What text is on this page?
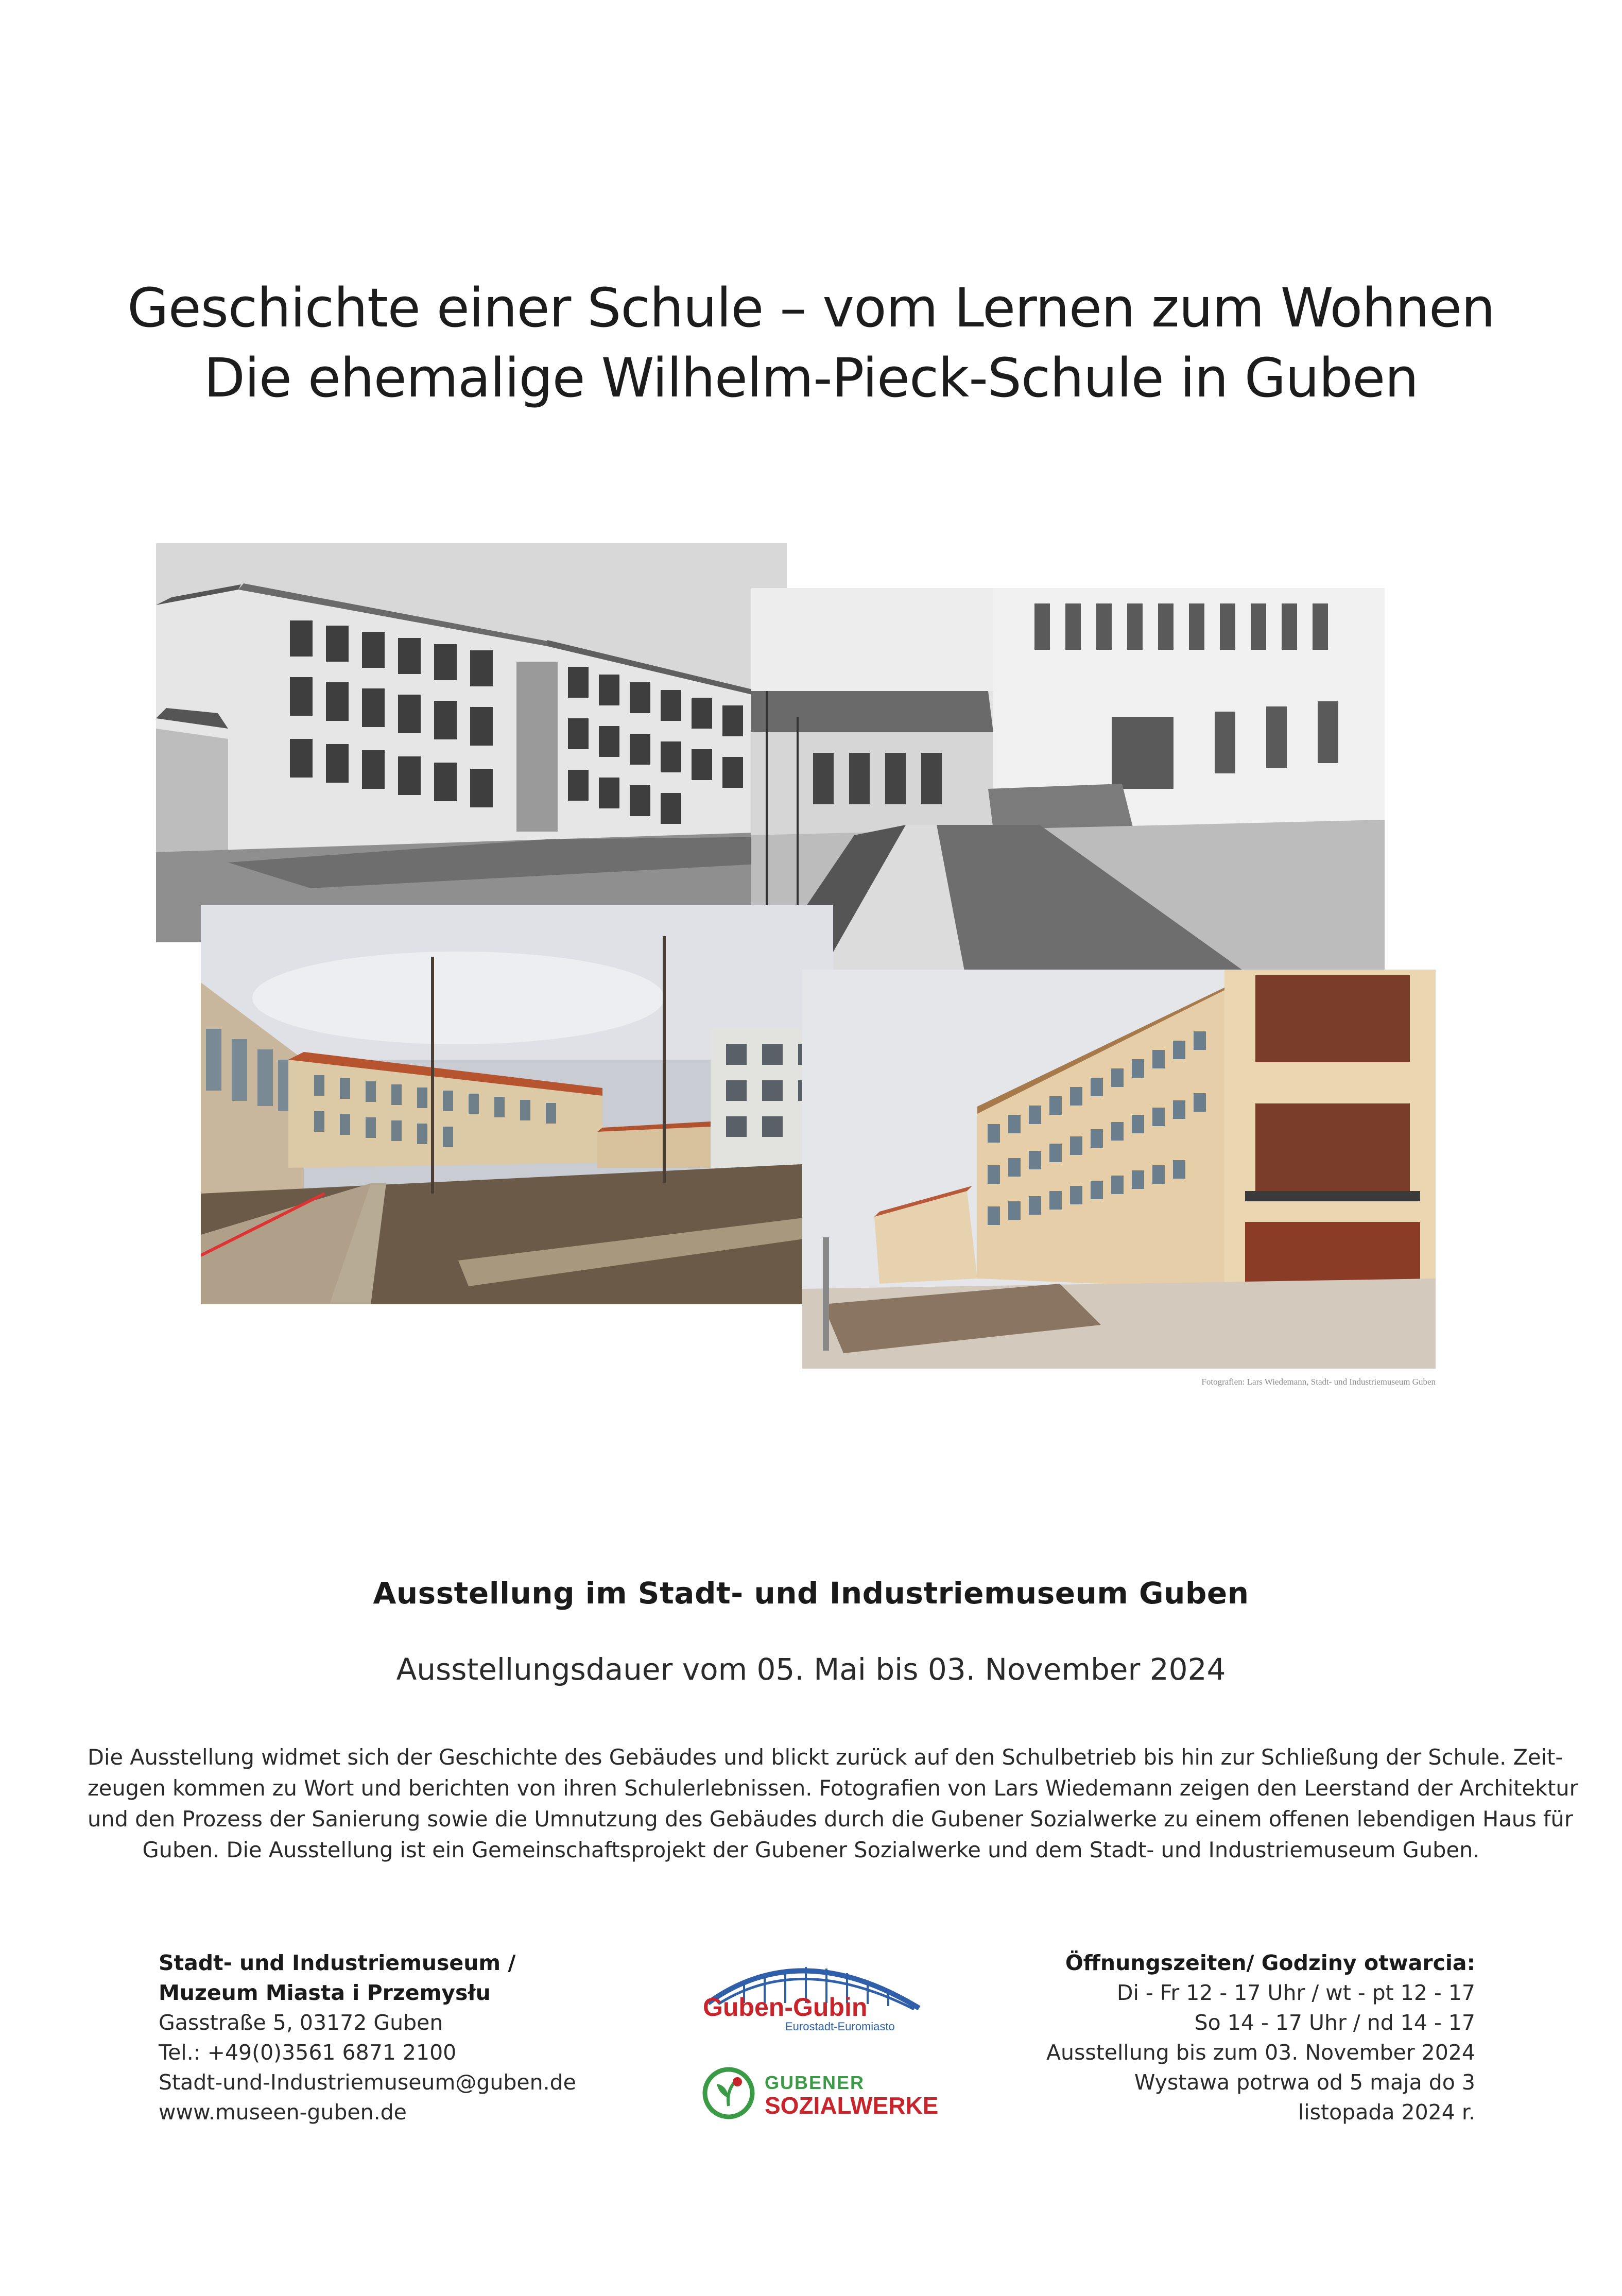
Geschichte einer Schule – vom Lernen zum Wohnen
Die ehemalige Wilhelm-Pieck-Schule in Guben
Fotografien: Lars Wiedemann, Stadt- und Industriemuseum Guben
Ausstellung im Stadt- und Industriemuseum Guben
Ausstellungsdauer vom 05. Mai bis 03. November 2024
Die Ausstellung widmet sich der Geschichte des Gebäudes und blickt zurück auf den Schulbetrieb bis hin zur Schließung der Schule. Zeit-
zeugen kommen zu Wort und berichten von ihren Schulerlebnissen. Fotografien von Lars Wiedemann zeigen den Leerstand der Architektur
und den Prozess der Sanierung sowie die Umnutzung des Gebäudes durch die Gubener Sozialwerke zu einem offenen lebendigen Haus für
Guben. Die Ausstellung ist ein Gemeinschaftsprojekt der Gubener Sozialwerke und dem Stadt- und Industriemuseum Guben.
Stadt- und Industriemuseum /
Muzeum Miasta i Przemysłu
Gasstraße 5, 03172 Guben
Tel.: +49(0)3561 6871 2100
Stadt-und-Industriemuseum@guben.de
www.museen-guben.de
Guben-Gubin
Eurostadt-Euromiasto
GUBENER
SOZIALWERKE
Öffnungszeiten/ Godziny otwarcia:
Di - Fr 12 - 17 Uhr / wt - pt 12 - 17
So 14 - 17 Uhr / nd 14 - 17
Ausstellung bis zum 03. November 2024
Wystawa potrwa od 5 maja do 3
listopada 2024 r.
